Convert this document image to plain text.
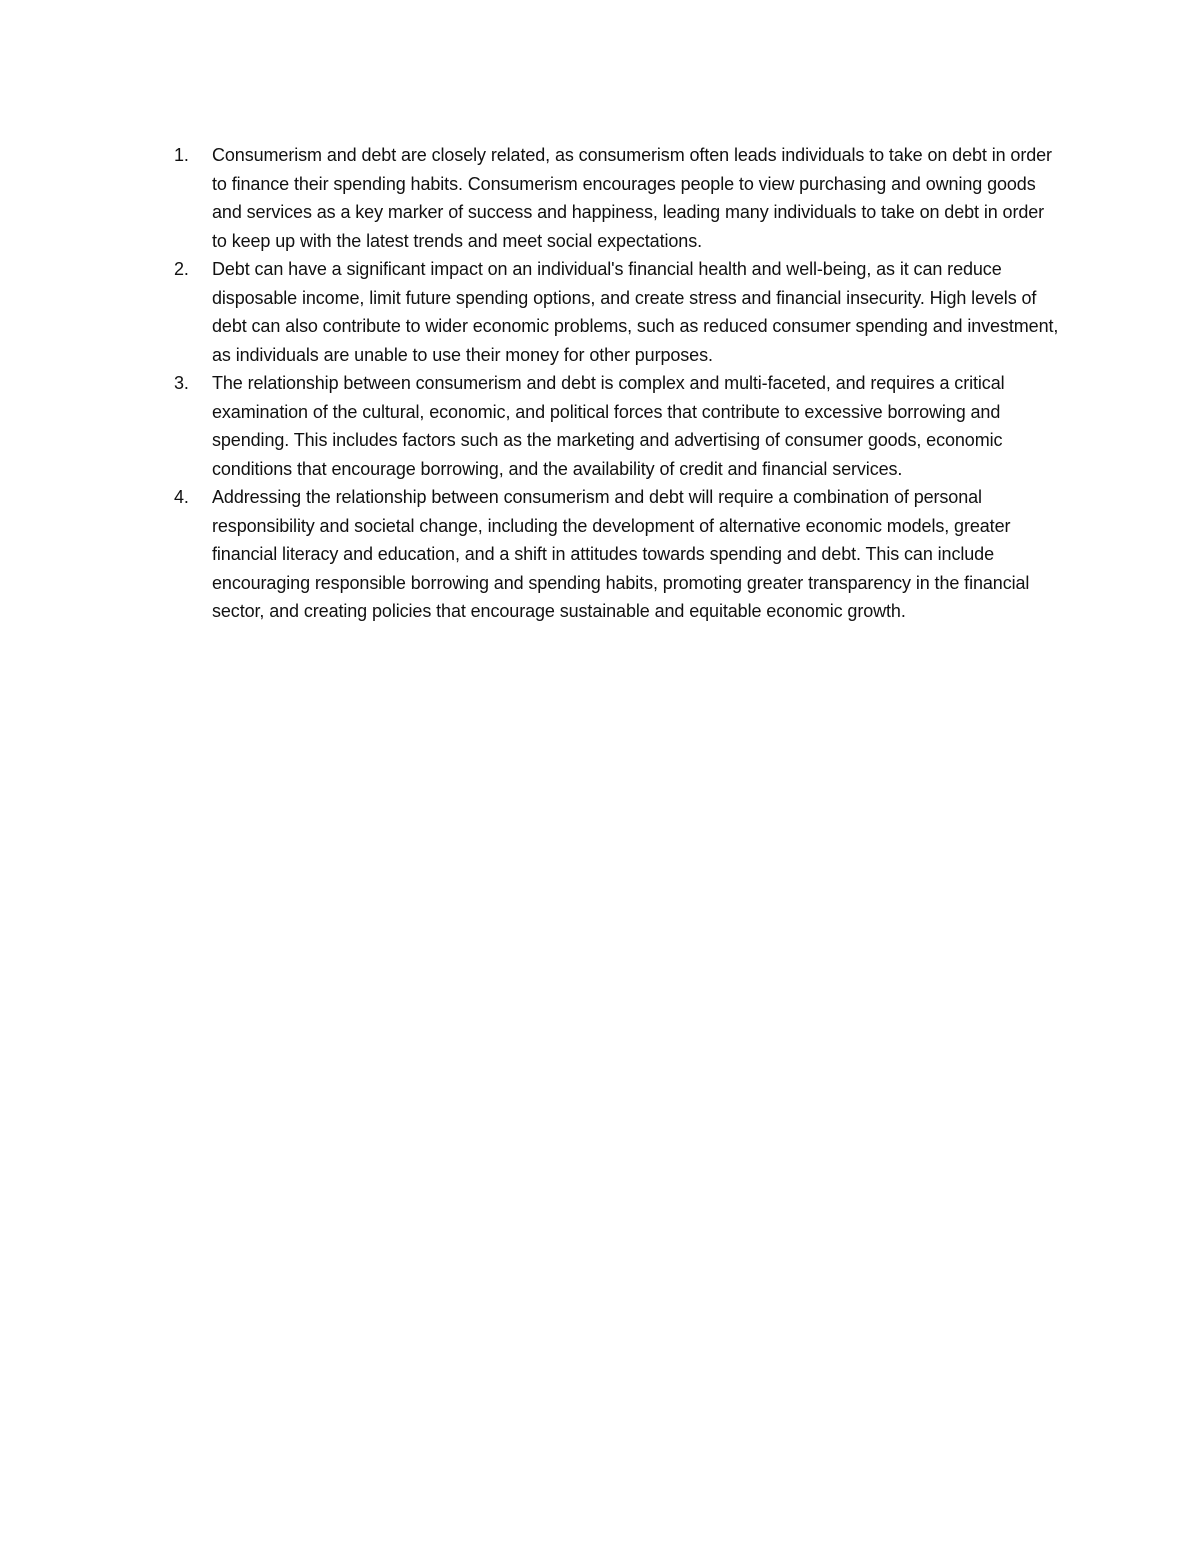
1. Consumerism and debt are closely related, as consumerism often leads individuals to take on debt in order to finance their spending habits. Consumerism encourages people to view purchasing and owning goods and services as a key marker of success and happiness, leading many individuals to take on debt in order to keep up with the latest trends and meet social expectations.
2. Debt can have a significant impact on an individual's financial health and well-being, as it can reduce disposable income, limit future spending options, and create stress and financial insecurity. High levels of debt can also contribute to wider economic problems, such as reduced consumer spending and investment, as individuals are unable to use their money for other purposes.
3. The relationship between consumerism and debt is complex and multi-faceted, and requires a critical examination of the cultural, economic, and political forces that contribute to excessive borrowing and spending. This includes factors such as the marketing and advertising of consumer goods, economic conditions that encourage borrowing, and the availability of credit and financial services.
4. Addressing the relationship between consumerism and debt will require a combination of personal responsibility and societal change, including the development of alternative economic models, greater financial literacy and education, and a shift in attitudes towards spending and debt. This can include encouraging responsible borrowing and spending habits, promoting greater transparency in the financial sector, and creating policies that encourage sustainable and equitable economic growth.
